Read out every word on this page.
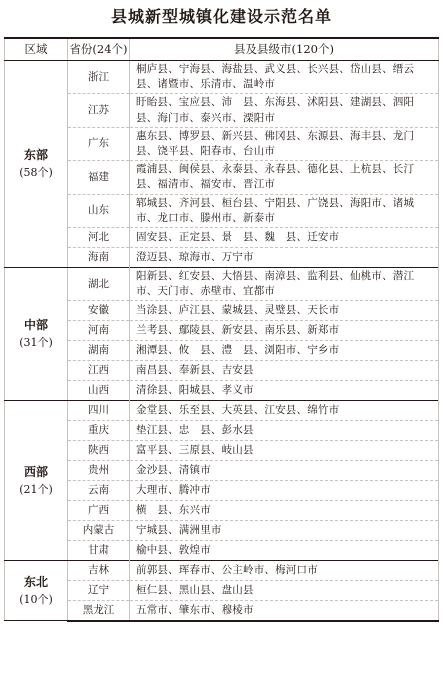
县城新型城镇化建设示范名单
区域	省份(24个)	县及县级市(120个)
东部
(58个)	浙江	桐庐县、宁海县、海盐县、武义县、长兴县、岱山县、缙云县、诸暨市、乐清市、温岭市
	江苏	盱眙县、宝应县、沛　县、东海县、沭阳县、建湖县、泗阳县、海门市、泰兴市、溧阳市
	广东	惠东县、博罗县、新兴县、佛冈县、东源县、海丰县、龙门县、饶平县、阳春市、台山市
	福建	霞浦县、闽侯县、永泰县、永春县、德化县、上杭县、长汀县、福清市、福安市、晋江市
	山东	郓城县、齐河县、桓台县、宁阳县、广饶县、海阳市、诸城市、龙口市、滕州市、新泰市
	河北	固安县、正定县、景　县、魏　县、迁安市
	海南	澄迈县、琼海市、万宁市
中部
(31个)	湖北	阳新县、红安县、大悟县、南漳县、监利县、仙桃市、潜江市、天门市、赤壁市、宜都市
	安徽	当涂县、庐江县、蒙城县、灵璧县、天长市
	河南	兰考县、鄢陵县、新安县、南乐县、新郑市
	湖南	湘潭县、攸　县、澧　县、浏阳市、宁乡市
	江西	南昌县、奉新县、吉安县
	山西	清徐县、阳城县、孝义市
西部
(21个)	四川	金堂县、乐至县、大英县、江安县、绵竹市
	重庆	垫江县、忠　县、彭水县
	陕西	富平县、三原县、岐山县
	贵州	金沙县、清镇市
	云南	大理市、腾冲市
	广西	横　县、东兴市
	内蒙古	宁城县、满洲里市
	甘肃	榆中县、敦煌市
东北
(10个)	吉林	前郭县、珲春市、公主岭市、梅河口市
	辽宁	桓仁县、黑山县、盘山县
	黑龙江	五常市、肇东市、穆棱市
